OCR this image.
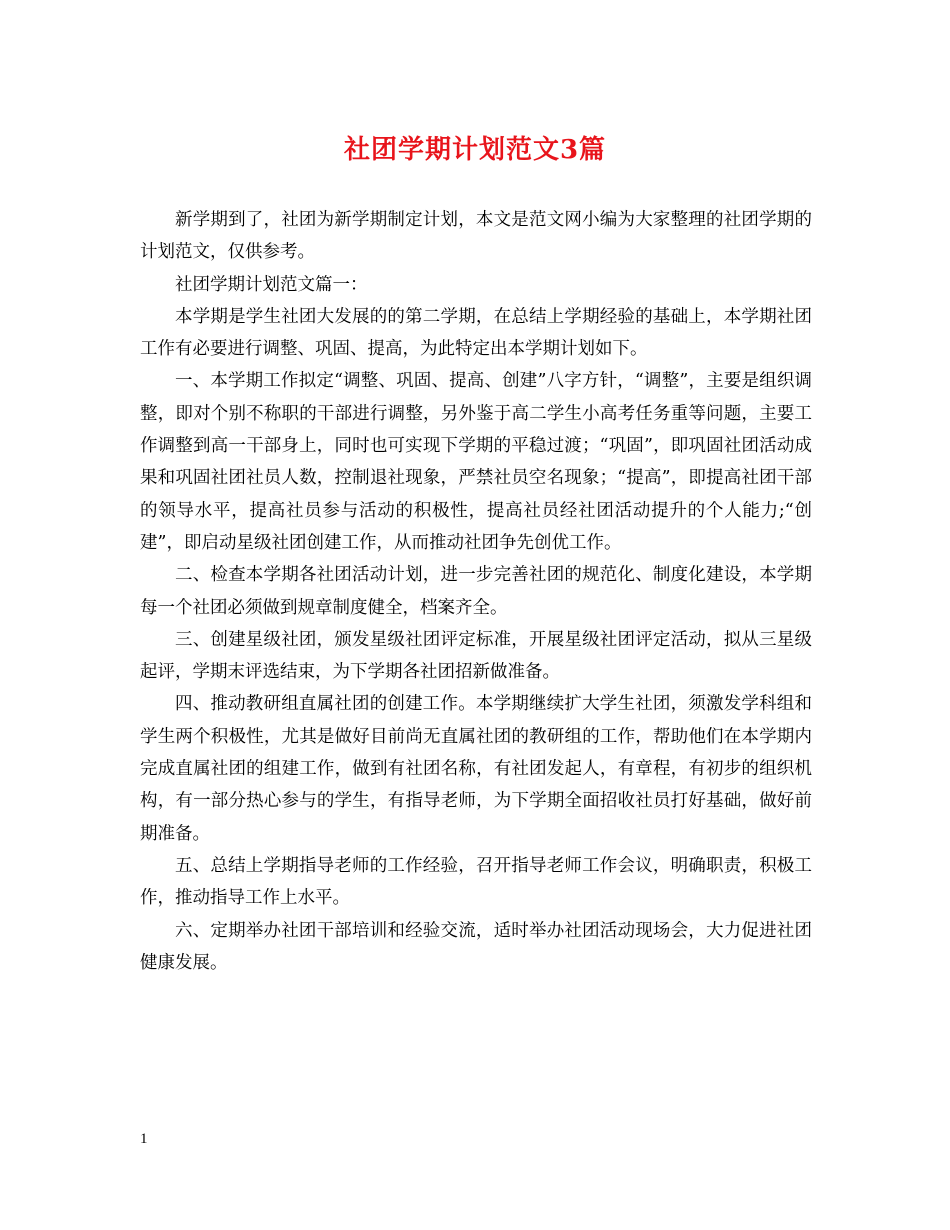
社团学期计划范文3篇

新学期到了，社团为新学期制定计划，本文是范文网小编为大家整理的社团学期的计划范文，仅供参考。

社团学期计划范文篇一：

本学期是学生社团大发展的的第二学期，在总结上学期经验的基础上，本学期社团工作有必要进行调整、巩固、提高，为此特定出本学期计划如下。

一、本学期工作拟定“调整、巩固、提高、创建”八字方针，“调整”，主要是组织调整，即对个别不称职的干部进行调整，另外鉴于高二学生小高考任务重等问题，主要工作调整到高一干部身上，同时也可实现下学期的平稳过渡；“巩固”，即巩固社团活动成果和巩固社团社员人数，控制退社现象，严禁社员空名现象；“提高”，即提高社团干部的领导水平，提高社员参与活动的积极性，提高社员经社团活动提升的个人能力;“创建”，即启动星级社团创建工作，从而推动社团争先创优工作。

二、检查本学期各社团活动计划，进一步完善社团的规范化、制度化建设，本学期每一个社团必须做到规章制度健全，档案齐全。

三、创建星级社团，颁发星级社团评定标准，开展星级社团评定活动，拟从三星级起评，学期末评选结束，为下学期各社团招新做准备。

四、推动教研组直属社团的创建工作。本学期继续扩大学生社团，须激发学科组和学生两个积极性，尤其是做好目前尚无直属社团的教研组的工作，帮助他们在本学期内完成直属社团的组建工作，做到有社团名称，有社团发起人，有章程，有初步的组织机构，有一部分热心参与的学生，有指导老师，为下学期全面招收社员打好基础，做好前期准备。

五、总结上学期指导老师的工作经验，召开指导老师工作会议，明确职责，积极工作，推动指导工作上水平。

六、定期举办社团干部培训和经验交流，适时举办社团活动现场会，大力促进社团健康发展。

1
